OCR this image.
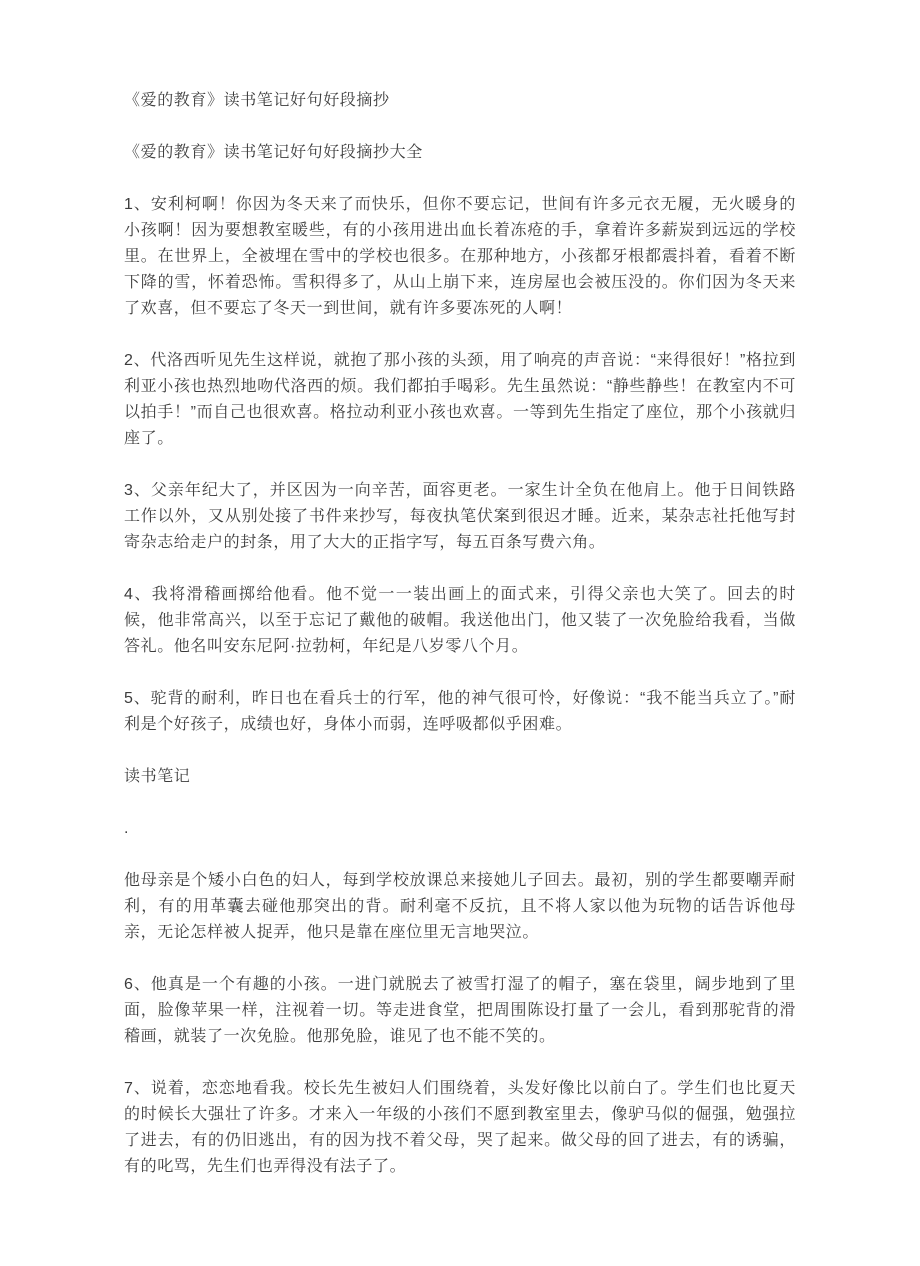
《爱的教育》读书笔记好句好段摘抄

《爱的教育》读书笔记好句好段摘抄大全

1、安利柯啊！你因为冬天来了而快乐，但你不要忘记，世间有许多元衣无履，无火暖身的小孩啊！因为要想教室暖些，有的小孩用进出血长着冻疮的手，拿着许多薪炭到远远的学校里。在世界上，全被埋在雪中的学校也很多。在那种地方，小孩都牙根都震抖着，看着不断下降的雪，怀着恐怖。雪积得多了，从山上崩下来，连房屋也会被压没的。你们因为冬天来了欢喜，但不要忘了冬天一到世间，就有许多要冻死的人啊！

2、代洛西听见先生这样说，就抱了那小孩的头颈，用了响亮的声音说：“来得很好！”格拉到利亚小孩也热烈地吻代洛西的烦。我们都拍手喝彩。先生虽然说：“静些静些！在教室内不可以拍手！”而自己也很欢喜。格拉动利亚小孩也欢喜。一等到先生指定了座位，那个小孩就归座了。

3、父亲年纪大了，并区因为一向辛苦，面容更老。一家生计全负在他肩上。他于日间铁路工作以外，又从别处接了书件来抄写，每夜执笔伏案到很迟才睡。近来，某杂志社托他写封寄杂志给走户的封条，用了大大的正指字写，每五百条写费六角。

4、我将滑稽画掷给他看。他不觉一一装出画上的面式来，引得父亲也大笑了。回去的时候，他非常高兴，以至于忘记了戴他的破帽。我送他出门，他又装了一次免脸给我看，当做答礼。他名叫安东尼阿·拉勃柯，年纪是八岁零八个月。

5、驼背的耐利，昨日也在看兵士的行军，他的神气很可怜，好像说：“我不能当兵立了。”耐利是个好孩子，成绩也好，身体小而弱，连呼吸都似乎困难。

读书笔记

.

他母亲是个矮小白色的妇人，每到学校放课总来接她儿子回去。最初，别的学生都要嘲弄耐利，有的用革囊去碰他那突出的背。耐利毫不反抗，且不将人家以他为玩物的话告诉他母亲，无论怎样被人捉弄，他只是靠在座位里无言地哭泣。

6、他真是一个有趣的小孩。一进门就脱去了被雪打湿了的帽子，塞在袋里，阔步地到了里面，脸像苹果一样，注视着一切。等走进食堂，把周围陈设打量了一会儿，看到那驼背的滑稽画，就装了一次免脸。他那免脸，谁见了也不能不笑的。

7、说着，恋恋地看我。校长先生被妇人们围绕着，头发好像比以前白了。学生们也比夏天的时候长大强壮了许多。才来入一年级的小孩们不愿到教室里去，像驴马似的倔强，勉强拉了进去，有的仍旧逃出，有的因为找不着父母，哭了起来。做父母的回了进去，有的诱骗，有的叱骂，先生们也弄得没有法子了。
